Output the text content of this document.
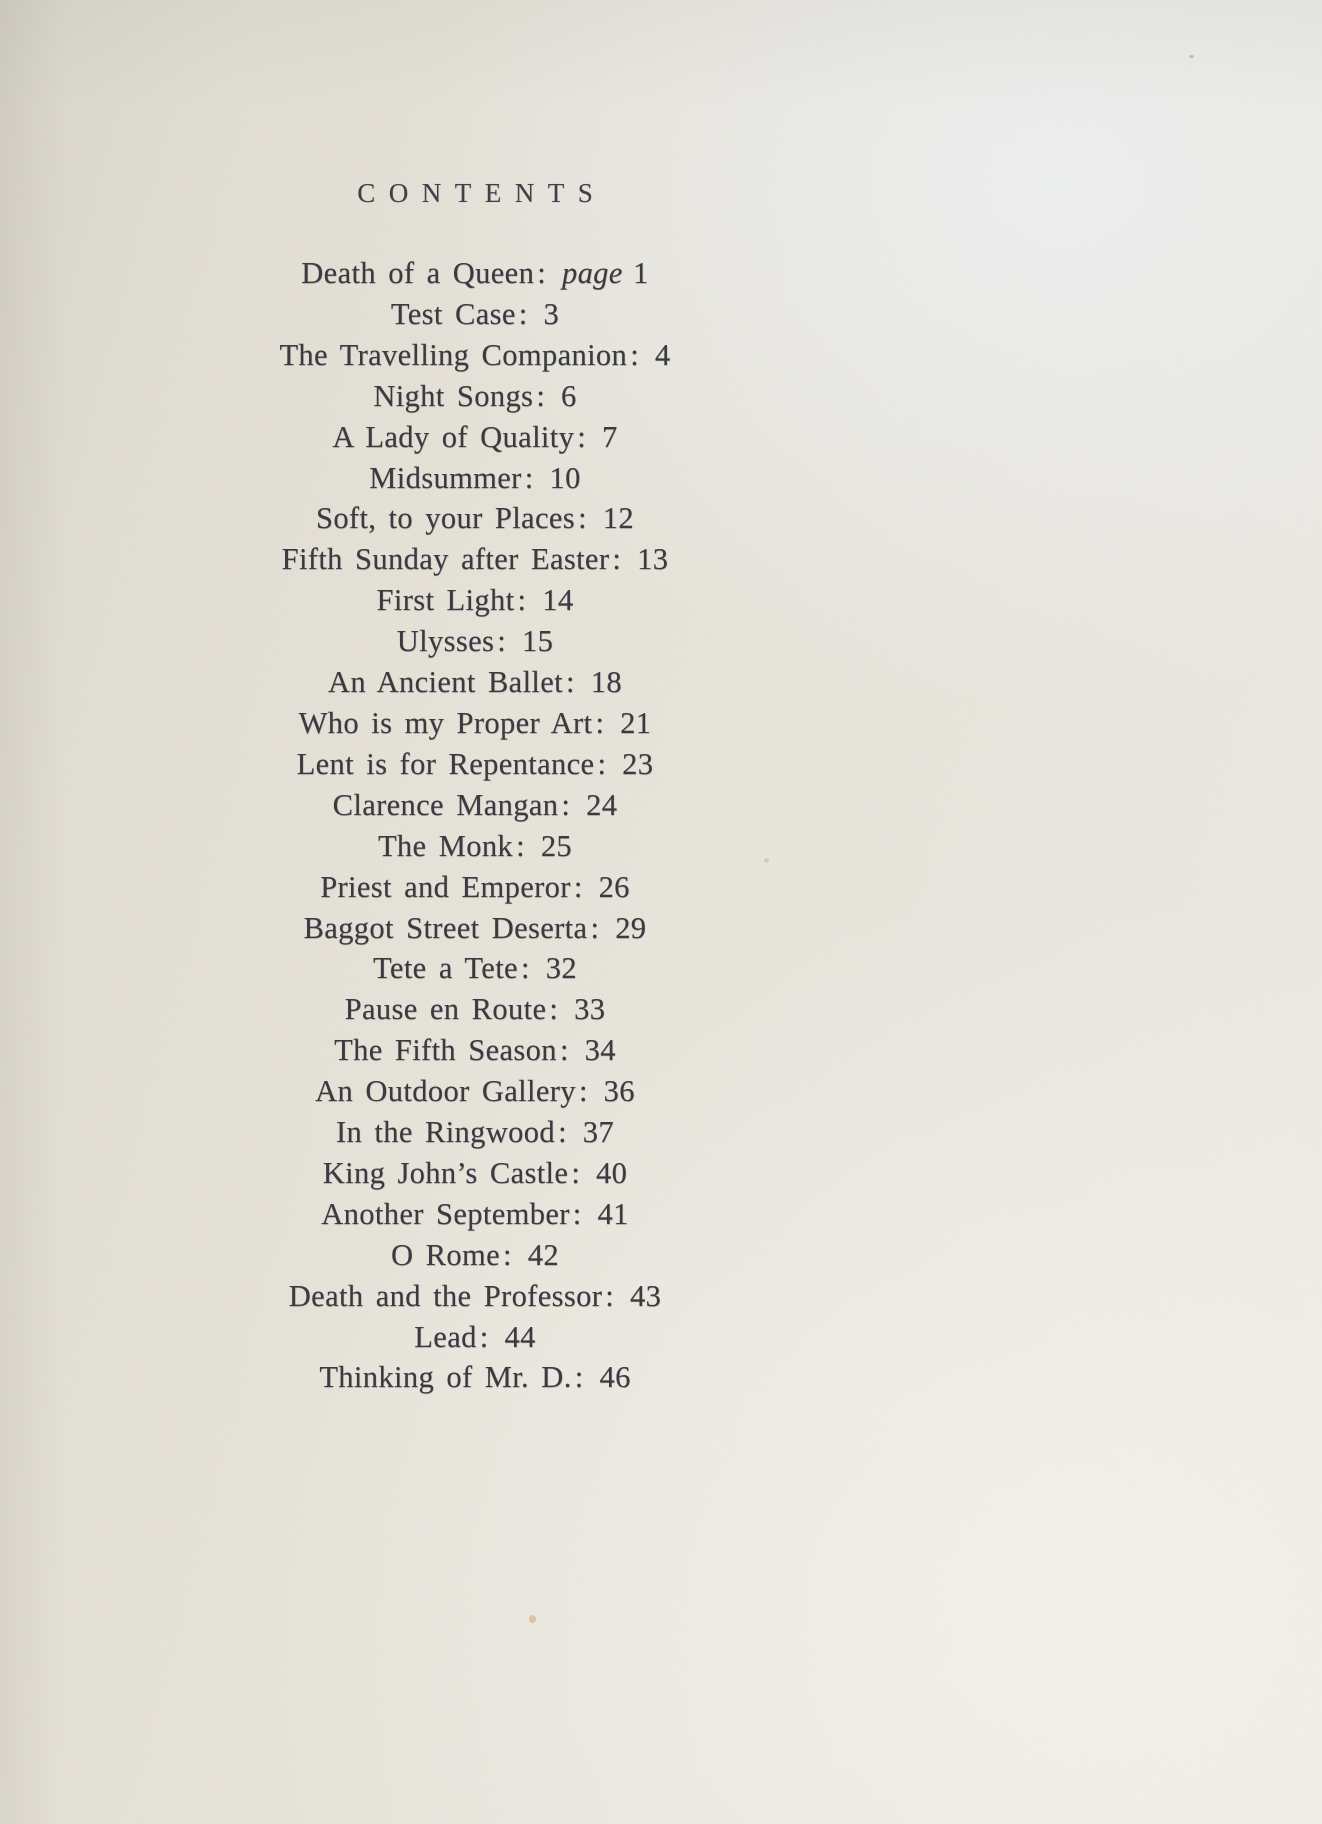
CONTENTS
Death of a Queen: page 1
Test Case: 3
The Travelling Companion: 4
Night Songs: 6
A Lady of Quality: 7
Midsummer: 10
Soft, to your Places: 12
Fifth Sunday after Easter: 13
First Light: 14
Ulysses: 15
An Ancient Ballet: 18
Who is my Proper Art: 21
Lent is for Repentance: 23
Clarence Mangan: 24
The Monk: 25
Priest and Emperor: 26
Baggot Street Deserta: 29
Tete a Tete: 32
Pause en Route: 33
The Fifth Season: 34
An Outdoor Gallery: 36
In the Ringwood: 37
King John’s Castle: 40
Another September: 41
O Rome: 42
Death and the Professor: 43
Lead: 44
Thinking of Mr. D.: 46
